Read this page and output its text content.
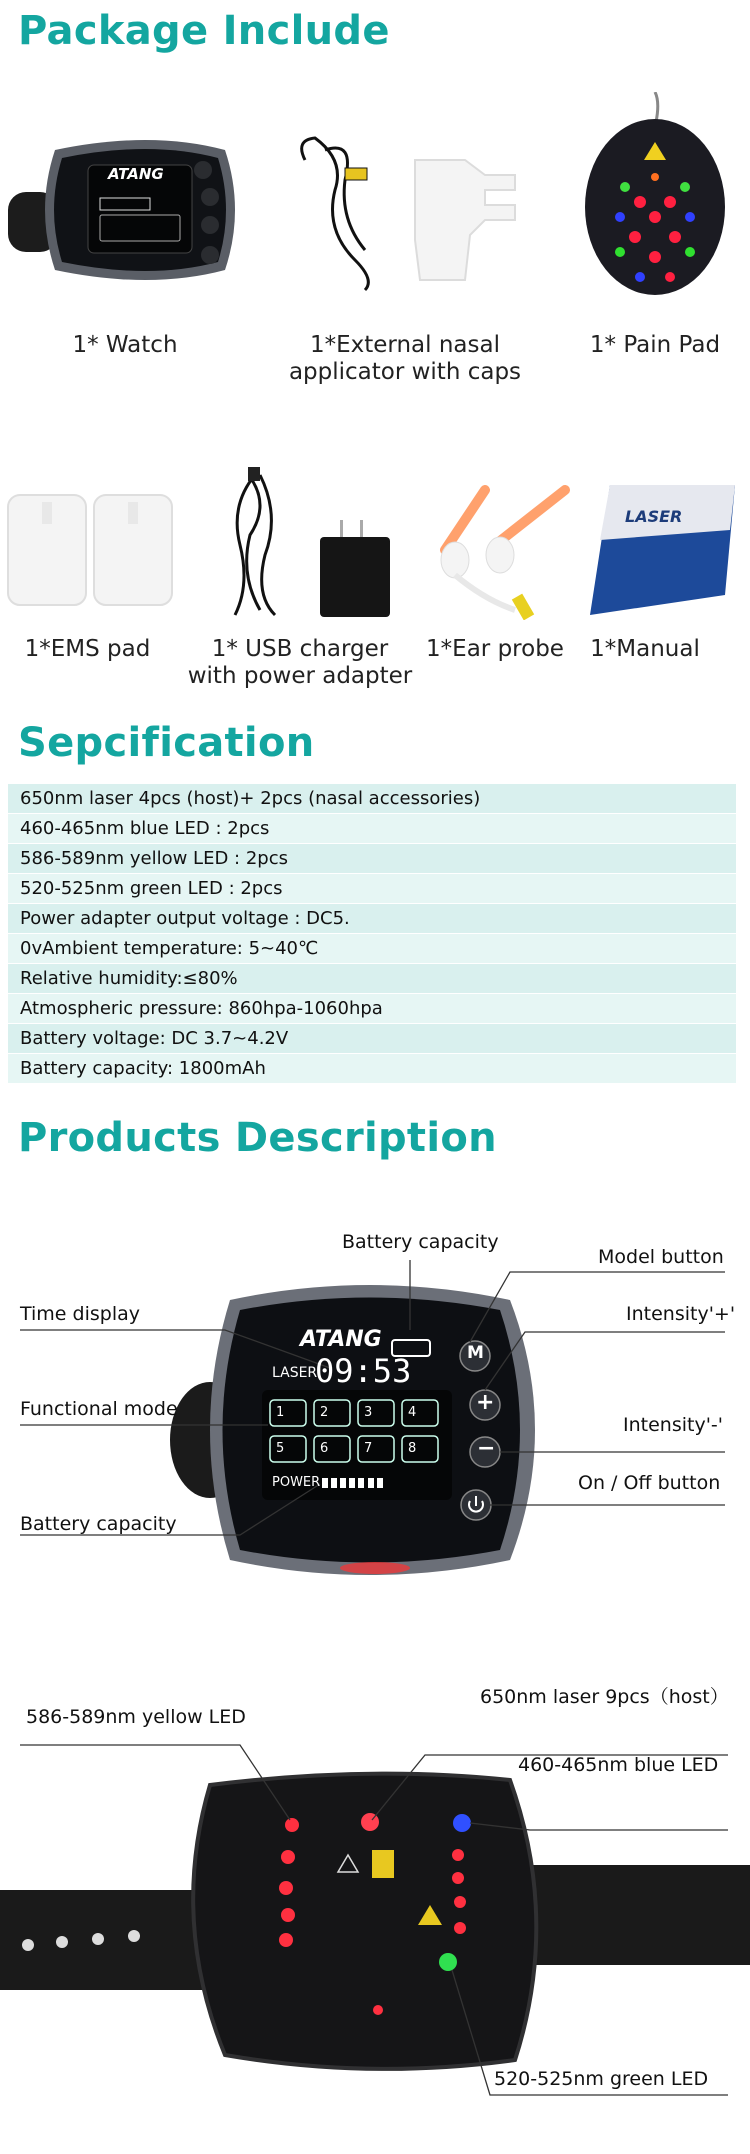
Package Include
ATANG
1* Watch	1*External nasal
applicator with caps
1* Pain Pad
1*EMS pad	1* USB charger
with power adapter
1*Ear probe
LASER
1*Manual
Sepcification
650nm laser 4pcs (host)+ 2pcs (nasal accessories)
460-465nm blue LED : 2pcs
586-589nm yellow LED : 2pcs
520-525nm green LED : 2pcs
Power adapter output voltage : DC5.
0vAmbient temperature: 5~40℃
Relative humidity:≤80%
Atmospheric pressure: 860hpa-1060hpa
Battery voltage: DC 3.7~4.2V
Battery capacity: 1800mAh
Products Description
ATANG
LASER
09:53
POWER
1	2	3	4
5	6	7	8
M
+
−
Battery capacity
Model button
Time display	Intensity'+'
Functional mode
Intensity'-'
On / Off button
Battery capacity
650nm laser 9pcs（host）
586-589nm yellow LED
460-465nm blue LED
520-525nm green LED
